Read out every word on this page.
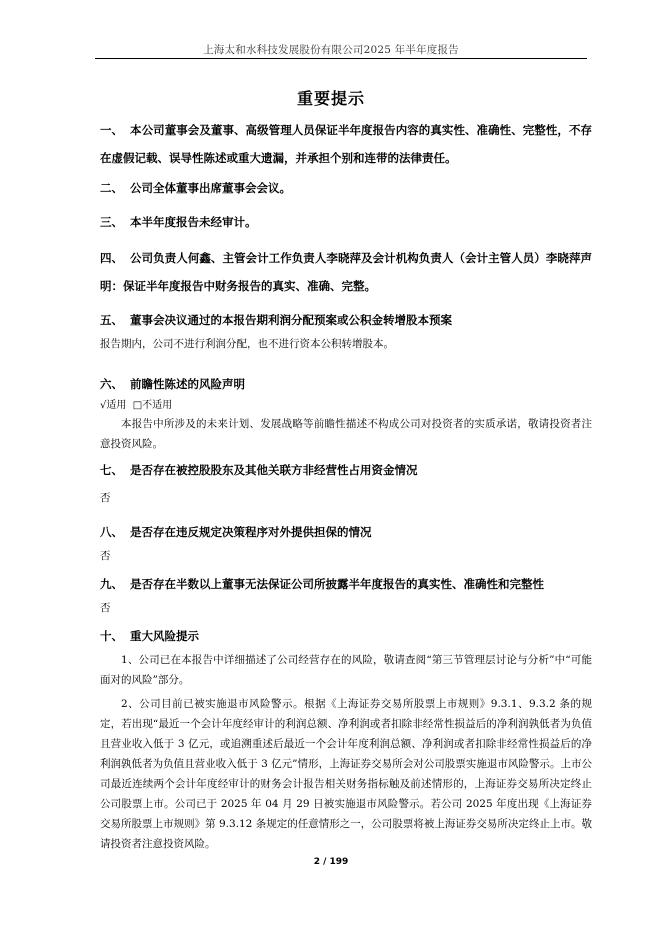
上海太和水科技发展股份有限公司2025 年半年度报告
重要提示

一、 本公司董事会及董事、高级管理人员保证半年度报告内容的真实性、准确性、完整性，不存在虚假记载、误导性陈述或重大遗漏，并承担个别和连带的法律责任。

二、 公司全体董事出席董事会会议。

三、 本半年度报告未经审计。

四、 公司负责人何鑫、主管会计工作负责人李晓萍及会计机构负责人（会计主管人员）李晓萍声明：保证半年度报告中财务报告的真实、准确、完整。

五、 董事会决议通过的本报告期利润分配预案或公积金转增股本预案

报告期内，公司不进行利润分配，也不进行资本公积转增股本。

六、 前瞻性陈述的风险声明

√适用 □不适用

本报告中所涉及的未来计划、发展战略等前瞻性描述不构成公司对投资者的实质承诺，敬请投资者注意投资风险。

七、 是否存在被控股股东及其他关联方非经营性占用资金情况

否

八、 是否存在违反规定决策程序对外提供担保的情况

否

九、 是否存在半数以上董事无法保证公司所披露半年度报告的真实性、准确性和完整性

否

十、 重大风险提示

1、公司已在本报告中详细描述了公司经营存在的风险，敬请查阅“第三节管理层讨论与分析”中“可能面对的风险”部分。

2、公司目前已被实施退市风险警示。根据《上海证券交易所股票上市规则》9.3.1、9.3.2 条的规定，若出现“最近一个会计年度经审计的利润总额、净利润或者扣除非经常性损益后的净利润孰低者为负值且营业收入低于 3 亿元，或追溯重述后最近一个会计年度利润总额、净利润或者扣除非经常性损益后的净利润孰低者为负值且营业收入低于 3 亿元”情形，上海证券交易所会对公司股票实施退市风险警示。上市公司最近连续两个会计年度经审计的财务会计报告相关财务指标触及前述情形的，上海证券交易所决定终止公司股票上市。公司已于 2025 年 04 月 29 日被实施退市风险警示。若公司 2025 年度出现《上海证券交易所股票上市规则》第 9.3.12 条规定的任意情形之一，公司股票将被上海证券交易所决定终止上市。敬请投资者注意投资风险。

2 / 199
